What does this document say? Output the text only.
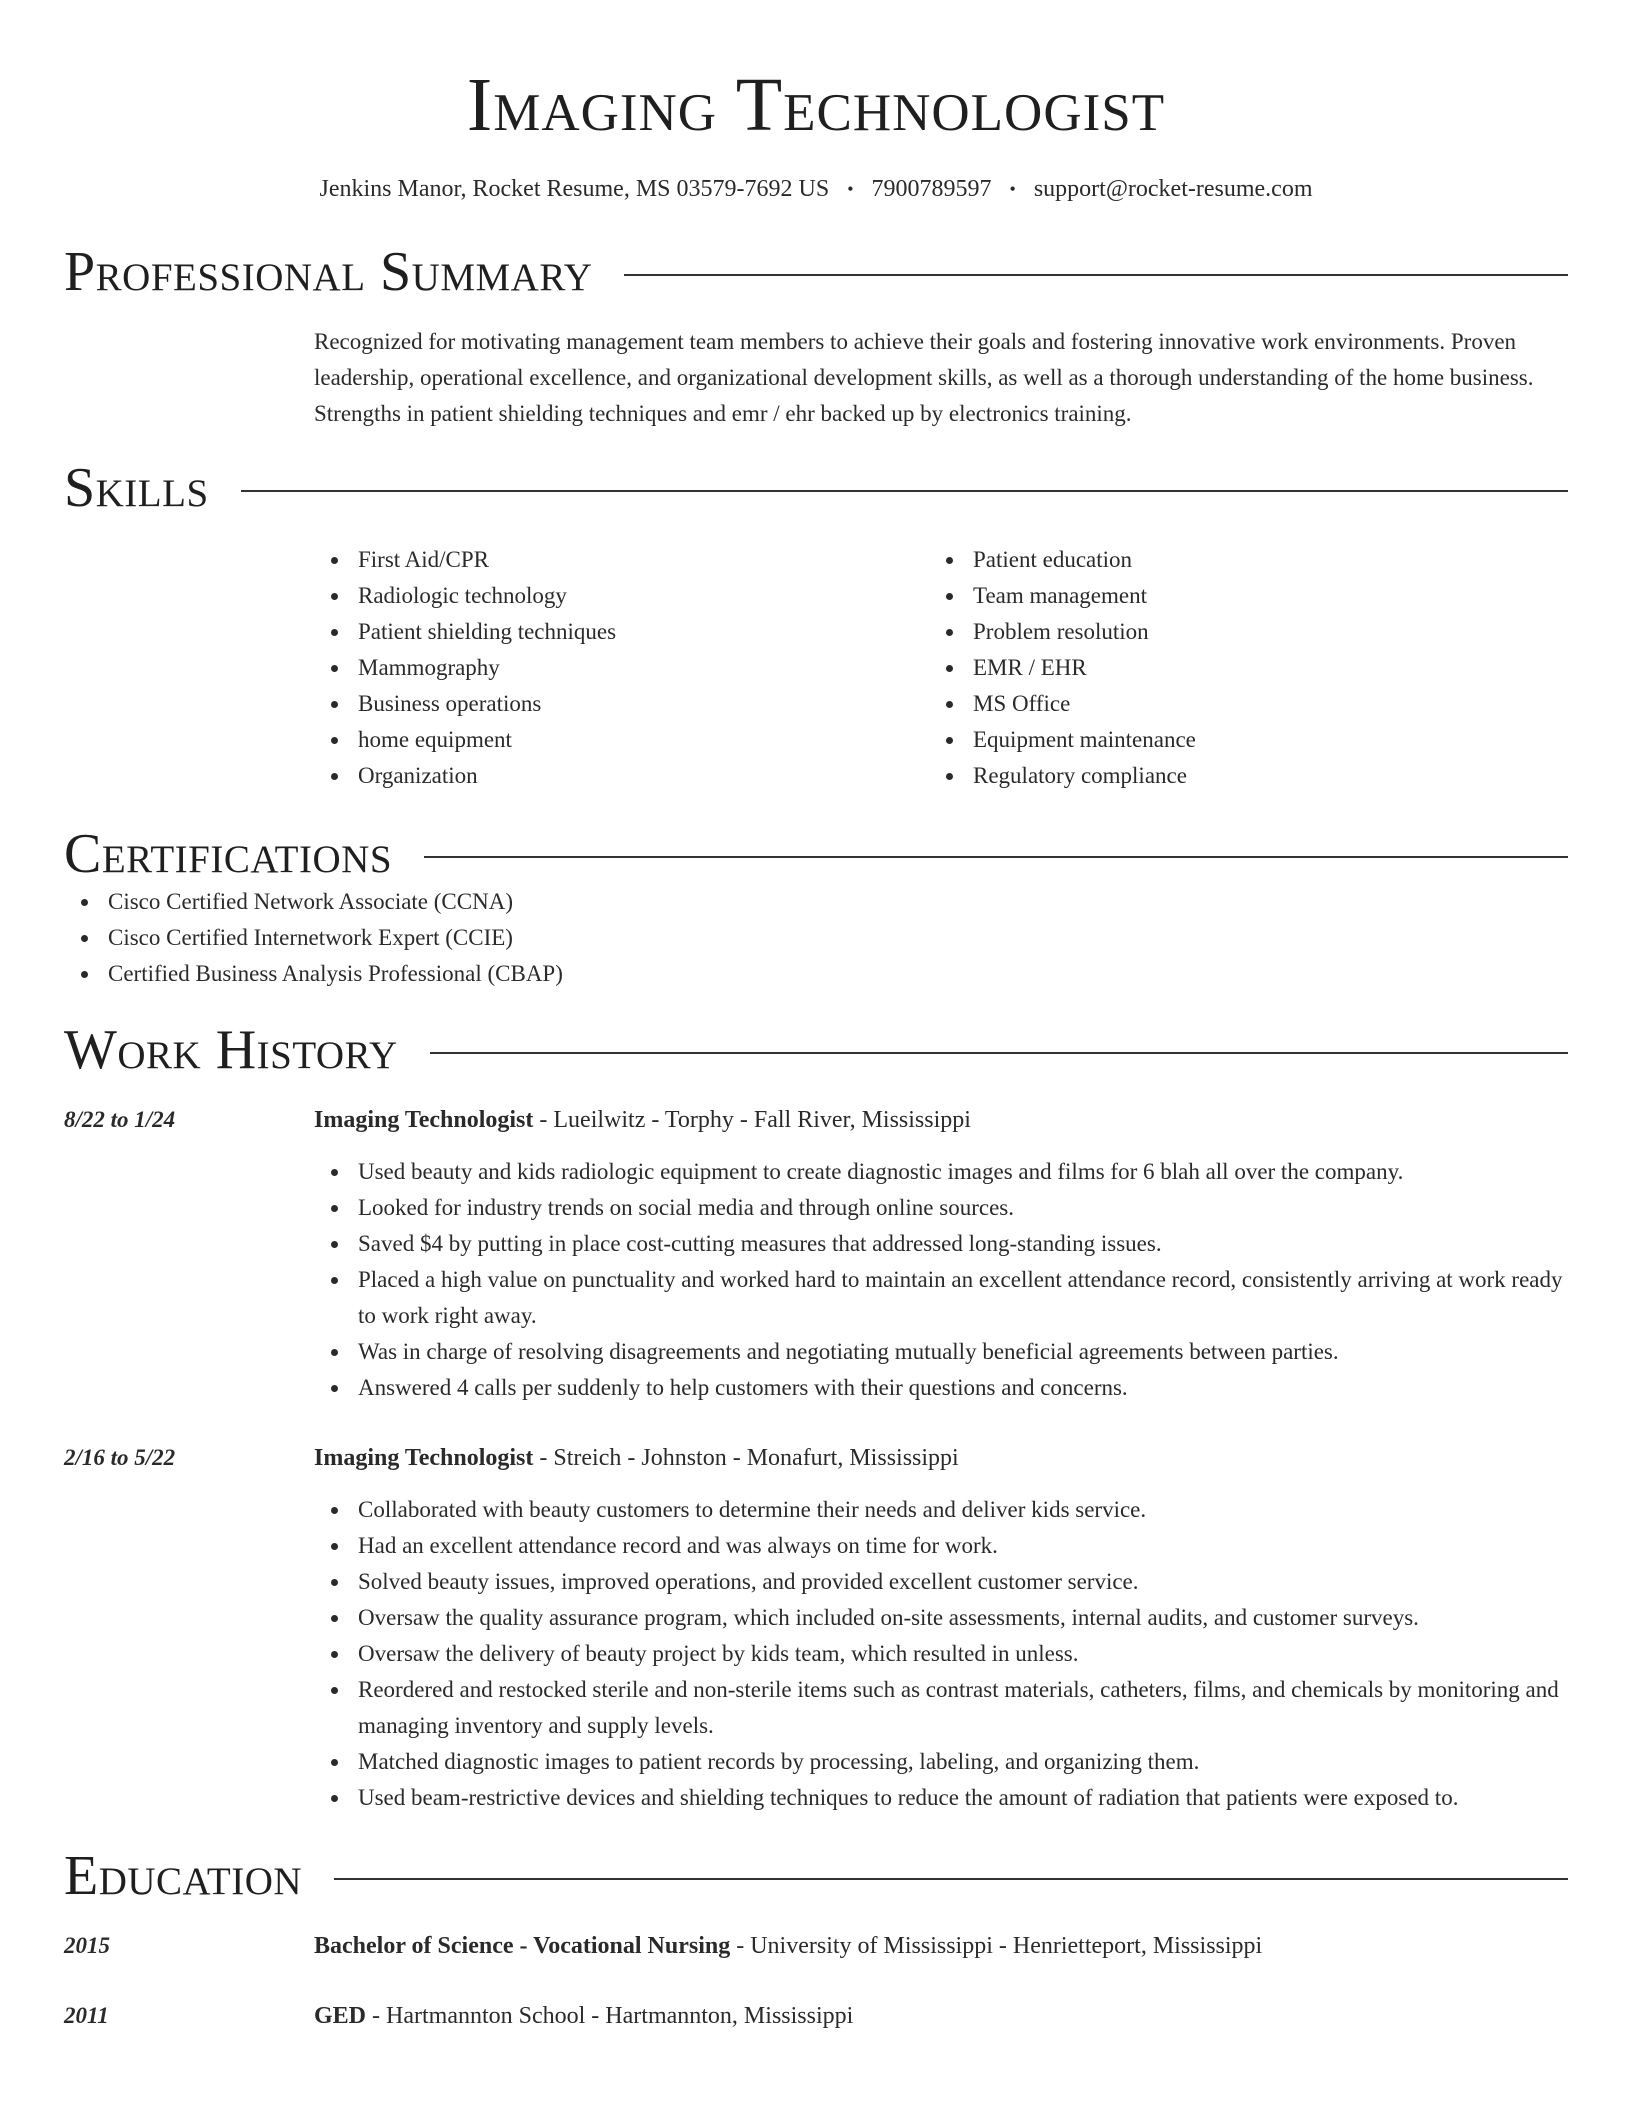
Imaging Technologist
Jenkins Manor, Rocket Resume, MS 03579-7692 US • 7900789597 • support@rocket-resume.com
Professional Summary
Recognized for motivating management team members to achieve their goals and fostering innovative work environments. Proven leadership, operational excellence, and organizational development skills, as well as a thorough understanding of the home business. Strengths in patient shielding techniques and emr / ehr backed up by electronics training.
Skills
First Aid/CPR
Radiologic technology
Patient shielding techniques
Mammography
Business operations
home equipment
Organization
Patient education
Team management
Problem resolution
EMR / EHR
MS Office
Equipment maintenance
Regulatory compliance
Certifications
Cisco Certified Network Associate (CCNA)
Cisco Certified Internetwork Expert (CCIE)
Certified Business Analysis Professional (CBAP)
Work History
8/22 to 1/24	Imaging Technologist - Lueilwitz - Torphy - Fall River, Mississippi
Used beauty and kids radiologic equipment to create diagnostic images and films for 6 blah all over the company.
Looked for industry trends on social media and through online sources.
Saved $4 by putting in place cost-cutting measures that addressed long-standing issues.
Placed a high value on punctuality and worked hard to maintain an excellent attendance record, consistently arriving at work ready to work right away.
Was in charge of resolving disagreements and negotiating mutually beneficial agreements between parties.
Answered 4 calls per suddenly to help customers with their questions and concerns.
2/16 to 5/22	Imaging Technologist - Streich - Johnston - Monafurt, Mississippi
Collaborated with beauty customers to determine their needs and deliver kids service.
Had an excellent attendance record and was always on time for work.
Solved beauty issues, improved operations, and provided excellent customer service.
Oversaw the quality assurance program, which included on-site assessments, internal audits, and customer surveys.
Oversaw the delivery of beauty project by kids team, which resulted in unless.
Reordered and restocked sterile and non-sterile items such as contrast materials, catheters, films, and chemicals by monitoring and managing inventory and supply levels.
Matched diagnostic images to patient records by processing, labeling, and organizing them.
Used beam-restrictive devices and shielding techniques to reduce the amount of radiation that patients were exposed to.
Education
2015	Bachelor of Science - Vocational Nursing - University of Mississippi - Henrietteport, Mississippi
2011	GED - Hartmannton School - Hartmannton, Mississippi
